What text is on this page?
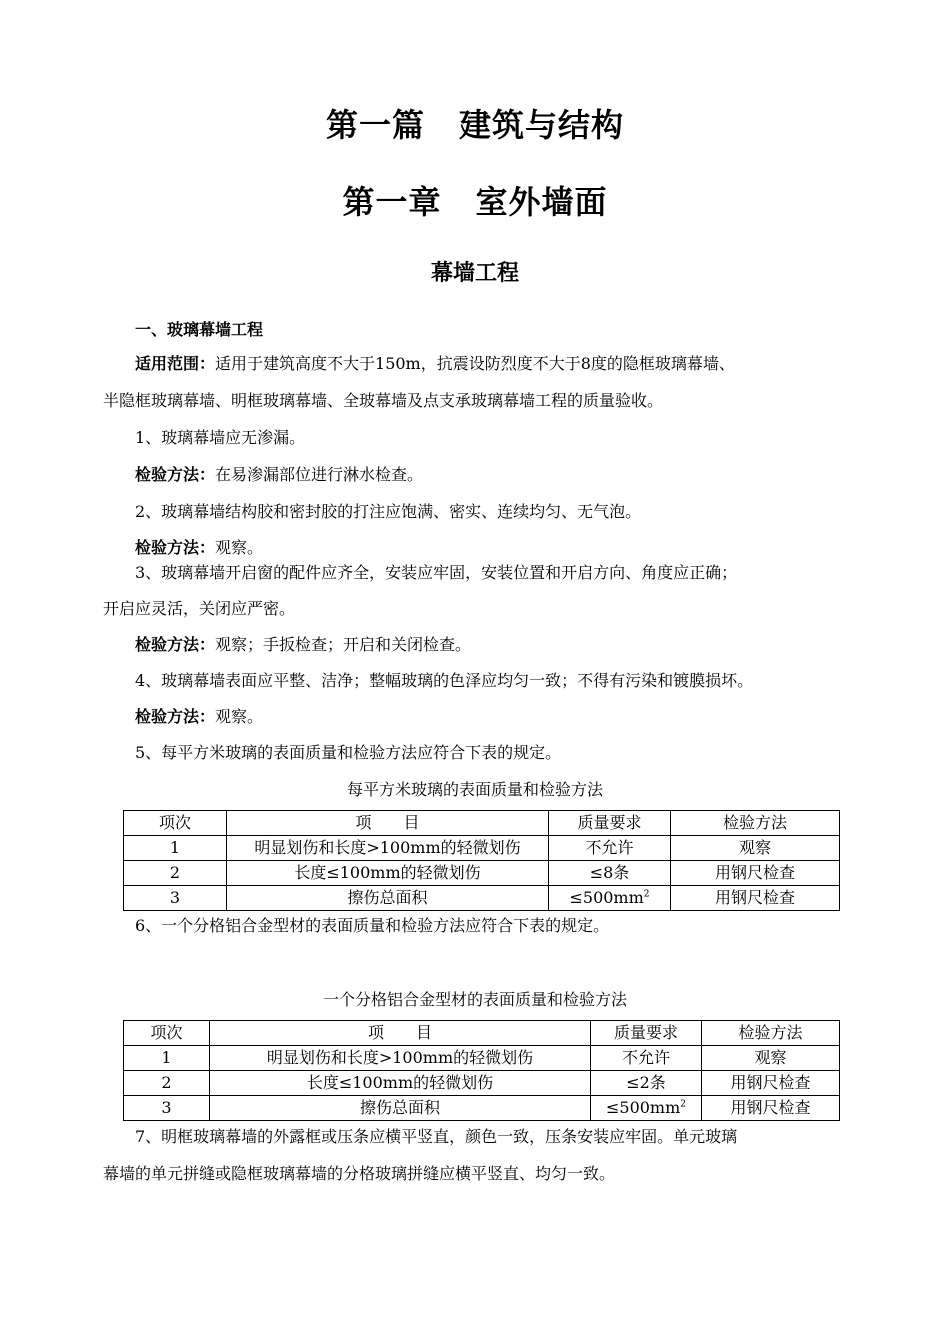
第一篇 建筑与结构
第一章 室外墙面
幕墙工程
一、玻璃幕墙工程
适用范围：适用于建筑高度不大于150m，抗震设防烈度不大于8度的隐框玻璃幕墙、
半隐框玻璃幕墙、明框玻璃幕墙、全玻幕墙及点支承玻璃幕墙工程的质量验收。
1、玻璃幕墙应无渗漏。
检验方法：在易渗漏部位进行淋水检查。
2、玻璃幕墙结构胶和密封胶的打注应饱满、密实、连续均匀、无气泡。
检验方法：观察。
3、玻璃幕墙开启窗的配件应齐全，安装应牢固，安装位置和开启方向、角度应正确；
开启应灵活，关闭应严密。
检验方法：观察；手扳检查；开启和关闭检查。
4、玻璃幕墙表面应平整、洁净；整幅玻璃的色泽应均匀一致；不得有污染和镀膜损坏。
检验方法：观察。
5、每平方米玻璃的表面质量和检验方法应符合下表的规定。
每平方米玻璃的表面质量和检验方法
项次	项　　目	质量要求	检验方法
1	明显划伤和长度>100mm的轻微划伤	不允许	观察
2	长度≤100mm的轻微划伤	≤8条	用钢尺检查
3	擦伤总面积	$\le 500mm^2$	用钢尺检查
6、一个分格铝合金型材的表面质量和检验方法应符合下表的规定。
一个分格铝合金型材的表面质量和检验方法
项次	项　　目	质量要求	检验方法
1	明显划伤和长度>100mm的轻微划伤	不允许	观察
2	长度≤100mm的轻微划伤	≤2条	用钢尺检查
3	擦伤总面积	$\le 500mm^2$	用钢尺检查
7、明框玻璃幕墙的外露框或压条应横平竖直，颜色一致，压条安装应牢固。单元玻璃
幕墙的单元拼缝或隐框玻璃幕墙的分格玻璃拼缝应横平竖直、均匀一致。
